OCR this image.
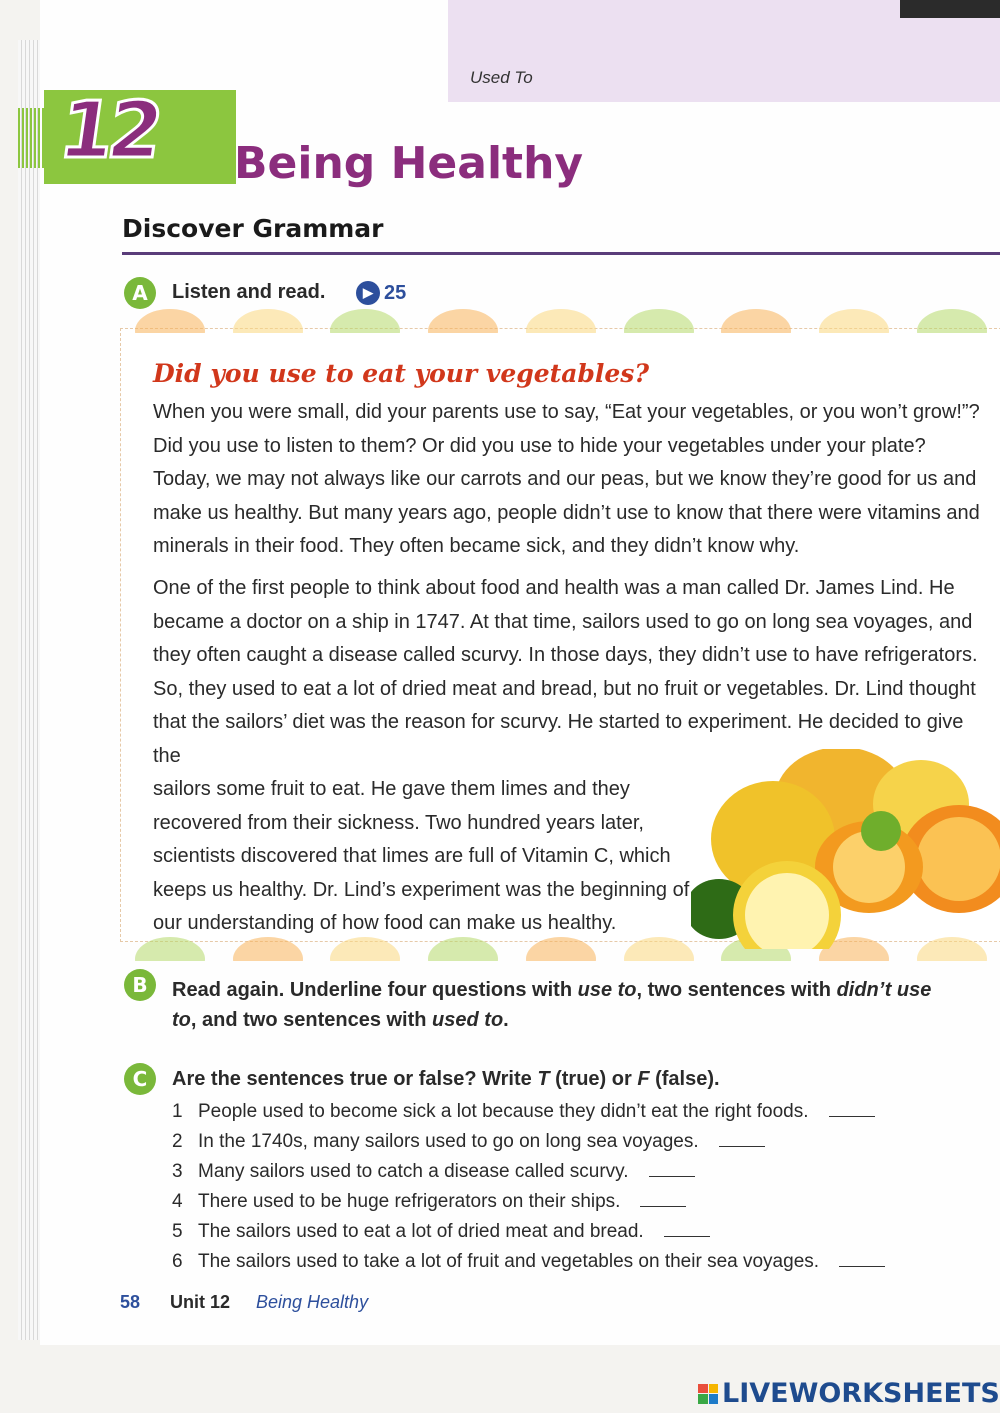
Used To
12 Being Healthy
Discover Grammar
A	Listen and read.	▶ 25
Did you use to eat your vegetables?
When you were small, did your parents use to say, “Eat your vegetables, or you won’t grow!”? Did you use to listen to them? Or did you use to hide your vegetables under your plate? Today, we may not always like our carrots and our peas, but we know they’re good for us and make us healthy. But many years ago, people didn’t use to know that there were vitamins and minerals in their food. They often became sick, and they didn’t know why.
One of the first people to think about food and health was a man called Dr. James Lind. He became a doctor on a ship in 1747. At that time, sailors used to go on long sea voyages, and they often caught a disease called scurvy. In those days, they didn’t use to have refrigerators. So, they used to eat a lot of dried meat and bread, but no fruit or vegetables. Dr. Lind thought that the sailors’ diet was the reason for scurvy. He started to experiment. He decided to give the
sailors some fruit to eat. He gave them limes and they recovered from their sickness. Two hundred years later, scientists discovered that limes are full of Vitamin C, which keeps us healthy. Dr. Lind’s experiment was the beginning of our understanding of how food can make us healthy.
B	Read again. Underline four questions with use to, two sentences with didn’t use
to, and two sentences with used to.
C	Are the sentences true or false? Write T (true) or F (false).
1 People used to become sick a lot because they didn’t eat the right foods.
2 In the 1740s, many sailors used to go on long sea voyages.
3 Many sailors used to catch a disease called scurvy.
4 There used to be huge refrigerators on their ships.
5 The sailors used to eat a lot of dried meat and bread.
6 The sailors used to take a lot of fruit and vegetables on their sea voyages.
58 Unit 12 Being Healthy
LIVEWORKSHEETS
